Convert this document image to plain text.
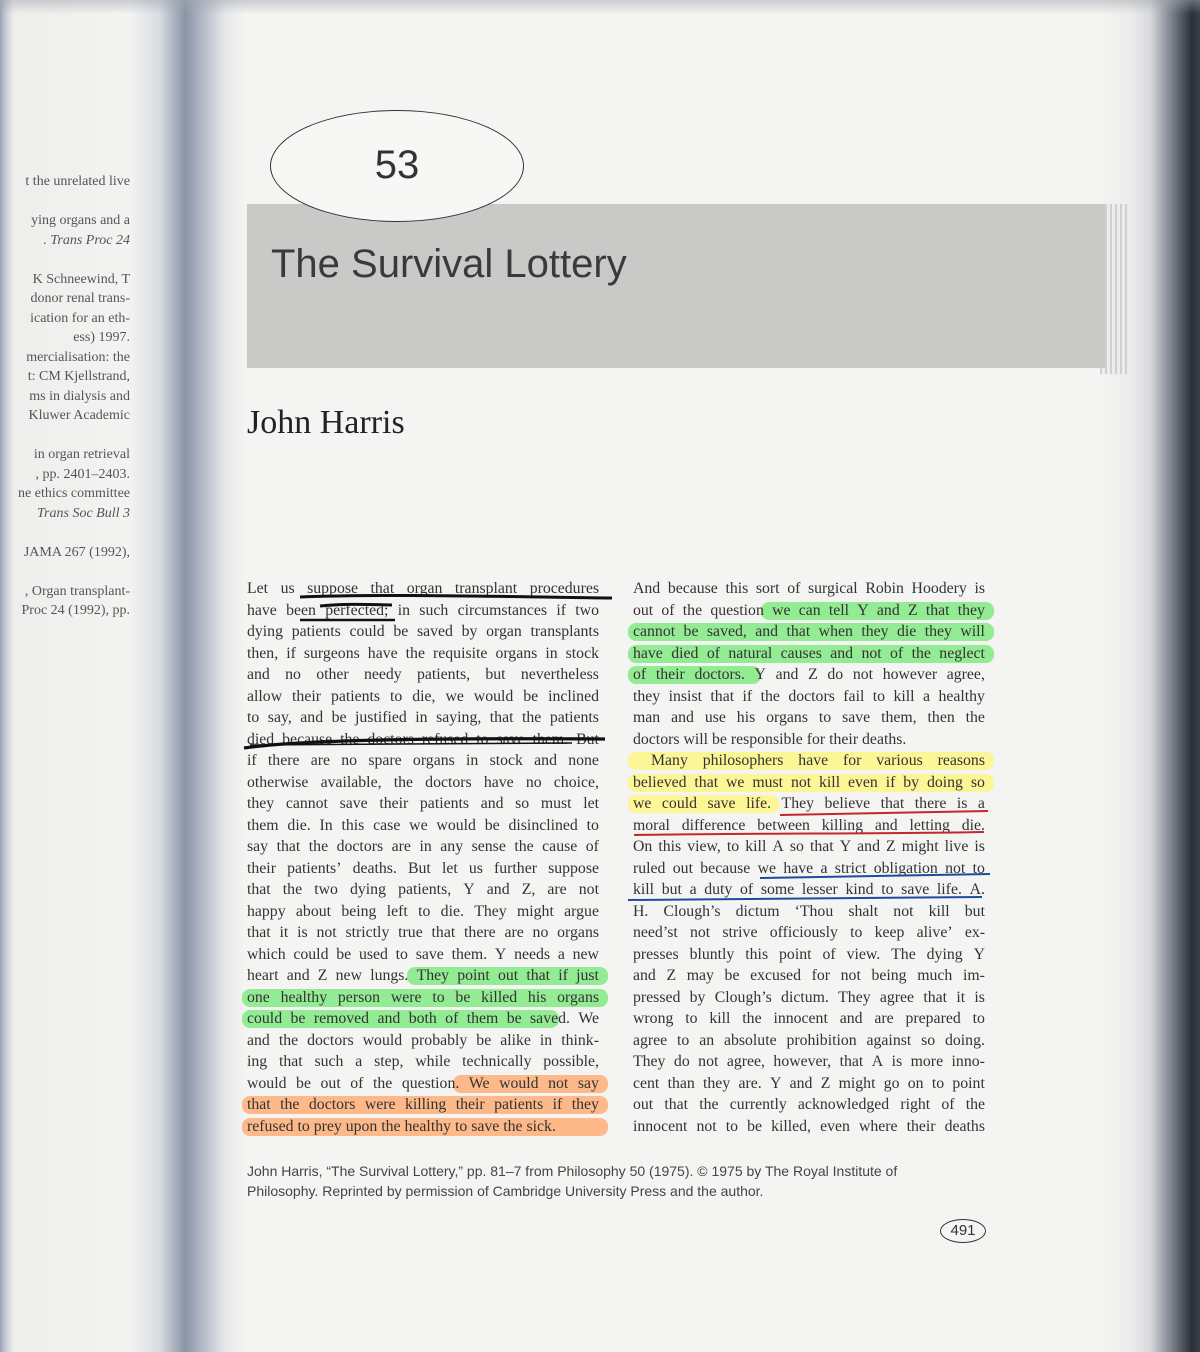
t the unrelated live
ying organs and a
. Trans Proc 24
K Schneewind, T
donor renal trans-
ication for an eth-
ess) 1997.
mercialisation: the
t: CM Kjellstrand,
ms in dialysis and
Kluwer Academic
in organ retrieval
, pp. 2401–2403.
ne ethics committee
Trans Soc Bull 3
JAMA 267 (1992),
, Organ transplant-
Proc 24 (1992), pp.
The Survival Lottery
53
John Harris
Let us suppose that organ transplant procedures
have been perfected; in such circumstances if two
dying patients could be saved by organ transplants
then, if surgeons have the requisite organs in stock
and no other needy patients, but nevertheless
allow their patients to die, we would be inclined
to say, and be justified in saying, that the patients
died because the doctors refused to save them. But
if there are no spare organs in stock and none
otherwise available, the doctors have no choice,
they cannot save their patients and so must let
them die. In this case we would be disinclined to
say that the doctors are in any sense the cause of
their patients’ deaths. But let us further suppose
that the two dying patients, Y and Z, are not
happy about being left to die. They might argue
that it is not strictly true that there are no organs
which could be used to save them. Y needs a new
heart and Z new lungs. They point out that if just
one healthy person were to be killed his organs
could be removed and both of them be saved. We
and the doctors would probably be alike in think-
ing that such a step, while technically possible,
would be out of the question. We would not say
that the doctors were killing their patients if they
refused to prey upon the healthy to save the sick.
And because this sort of surgical Robin Hoodery is
out of the question we can tell Y and Z that they
cannot be saved, and that when they die they will
have died of natural causes and not of the neglect
of their doctors. Y and Z do not however agree,
they insist that if the doctors fail to kill a healthy
man and use his organs to save them, then the
doctors will be responsible for their deaths.
Many philosophers have for various reasons
believed that we must not kill even if by doing so
we could save life. They believe that there is a
moral difference between killing and letting die.
On this view, to kill A so that Y and Z might live is
ruled out because we have a strict obligation not to
kill but a duty of some lesser kind to save life. A.
H. Clough’s dictum ‘Thou shalt not kill but
need’st not strive officiously to keep alive’ ex-
presses bluntly this point of view. The dying Y
and Z may be excused for not being much im-
pressed by Clough’s dictum. They agree that it is
wrong to kill the innocent and are prepared to
agree to an absolute prohibition against so doing.
They do not agree, however, that A is more inno-
cent than they are. Y and Z might go on to point
out that the currently acknowledged right of the
innocent not to be killed, even where their deaths
John Harris, “The Survival Lottery,” pp. 81–7 from Philosophy 50 (1975). © 1975 by The Royal Institute of
Philosophy. Reprinted by permission of Cambridge University Press and the author.
491
